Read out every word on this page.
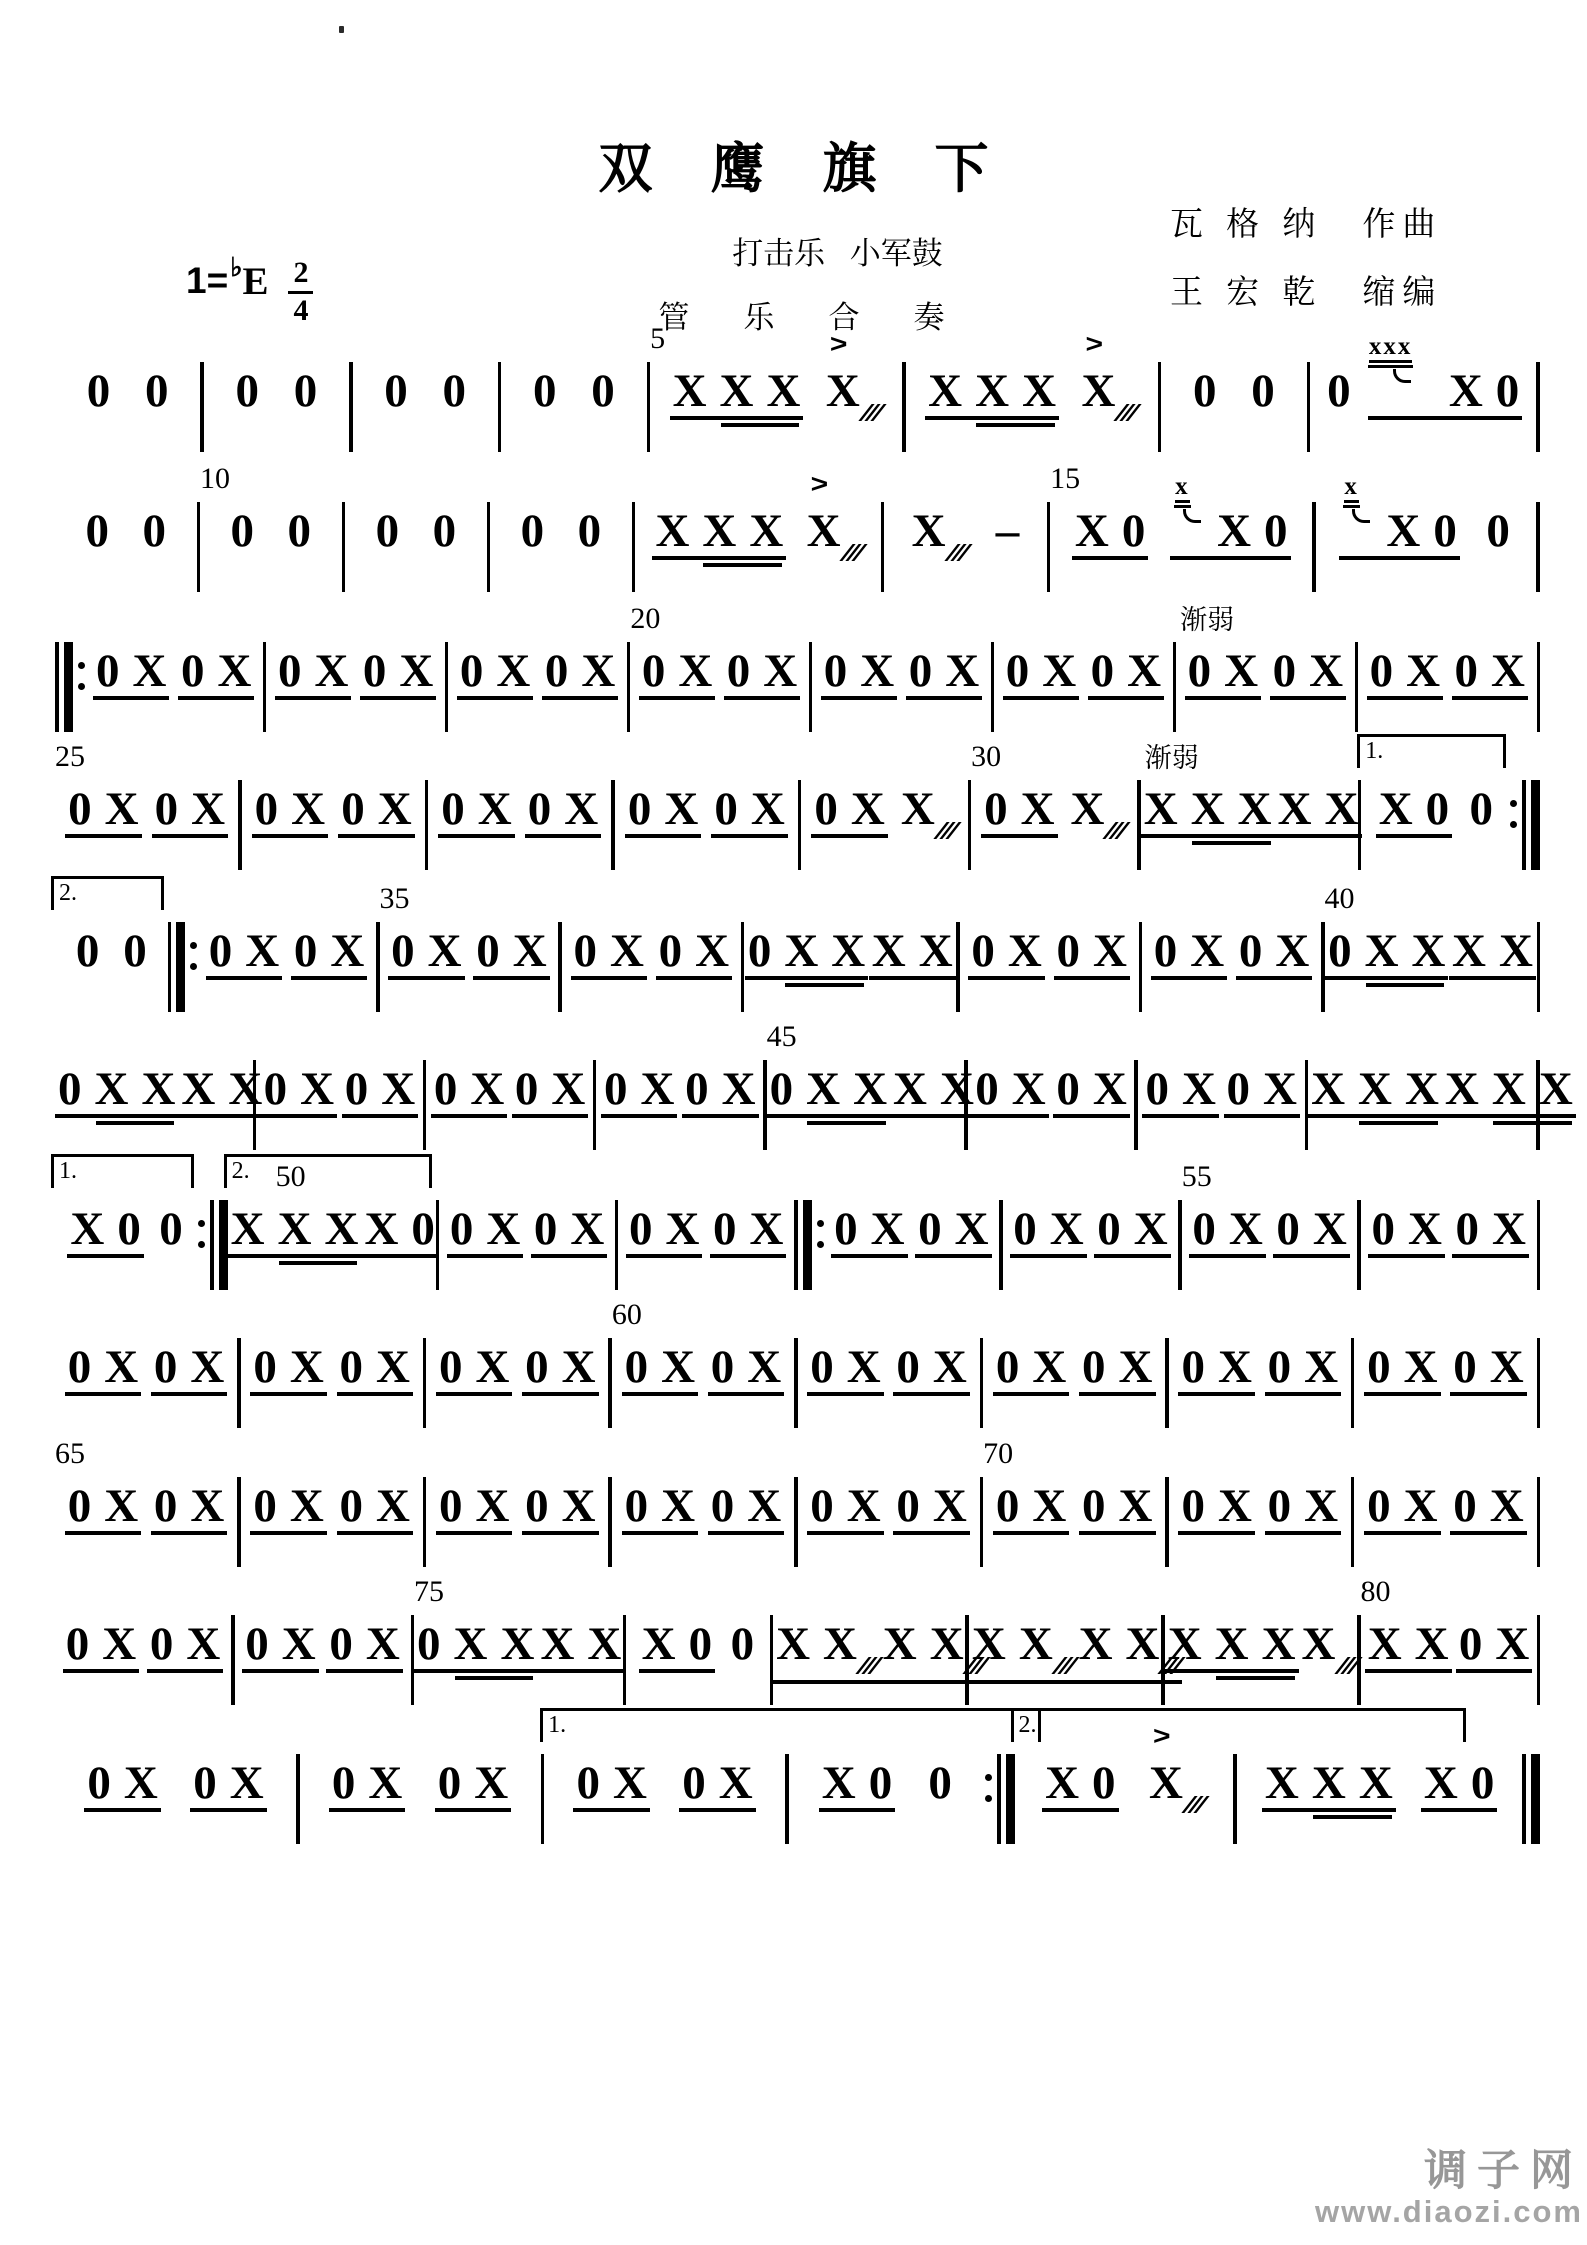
双鹰旗下
打击乐 小军鼓
管乐合奏
瓦 格 纳　作曲
王 宏 乾　缩编
1= ♭ E $\frac{2}{4}$
0 0 0 0 0 0 0 0
5
X X X X
>
X X X X
>
0 0 0
xxx
X 0
0 0
10
0 0 0 0 0 0 X X X X
>
X –
15
X 0
x
X 0
x
X 0 0
0 X 0 X 0 X 0 X 0 X 0 X
20
0 X 0 X 0 X 0 X 0 X 0 X
渐弱
0 X 0 X 0 X 0 X
25
0 X 0 X 0 X 0 X 0 X 0 X 0 X 0 X 0 X X
30
0 X X
渐弱
X X X X X
1.
X 0 0
2.
0 0 0 X 0 X
35
0 X 0 X 0 X 0 X 0 X X X X 0 X 0 X 0 X 0 X
40
0 X X X X
0 X X X X 0 X 0 X 0 X 0 X 0 X 0 X
45
0 X X X X 0 X 0 X 0 X 0 X X X X X X X
1.
X 0 0
2. 50
X X X X 0 0 X 0 X 0 X 0 X 0 X 0 X 0 X 0 X
55
0 X 0 X 0 X 0 X
0 X 0 X 0 X 0 X 0 X 0 X
60
0 X 0 X 0 X 0 X 0 X 0 X 0 X 0 X 0 X 0 X
65
0 X 0 X 0 X 0 X 0 X 0 X 0 X 0 X 0 X 0 X
70
0 X 0 X 0 X 0 X 0 X 0 X
0 X 0 X 0 X 0 X
75
0 X X X X X 0 0 X X X X X X X X X X X X
80
X X 0 X
0 X 0 X 0 X 0 X
1.
0 X 0 X X 0 0
2.
X 0 X
>
X X X X 0
调子网
www.diaozi.com
